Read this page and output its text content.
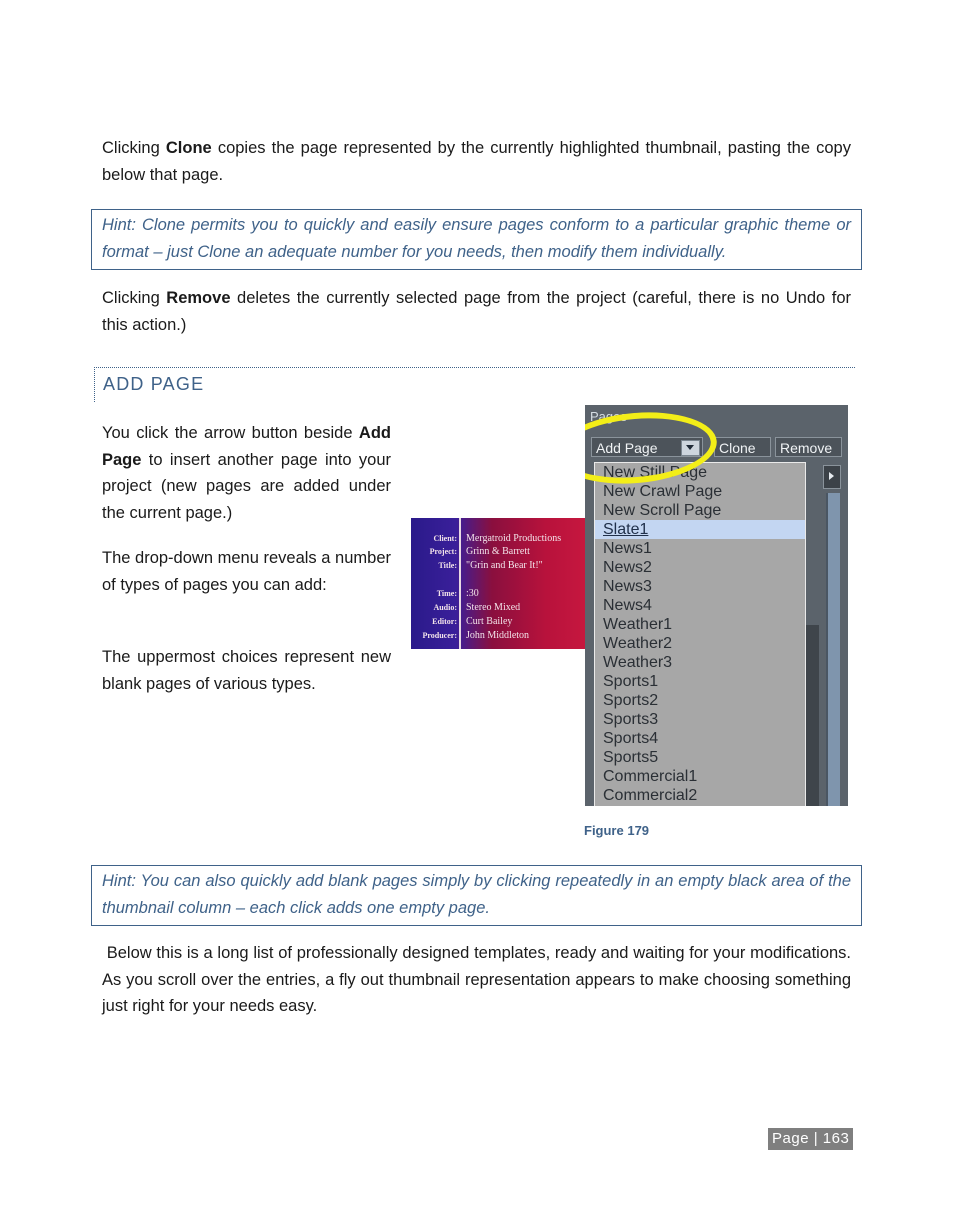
Clicking Clone copies the page represented by the currently highlighted thumbnail, pasting the copy below that page.

Hint: Clone permits you to quickly and easily ensure pages conform to a particular graphic theme or format – just Clone an adequate number for you needs, then modify them individually.

Clicking Remove deletes the currently selected page from the project (careful, there is no Undo for this action.)

ADD PAGE

You click the arrow button beside Add Page to insert another page into your project (new pages are added under the current page.)

The drop-down menu reveals a number of types of pages you can add:

The uppermost choices represent new blank pages of various types.

Client: Mergatroid Productions
Project: Grinn & Barrett
Title: "Grin and Bear It!"
Time: :30
Audio: Stereo Mixed
Editor: Curt Bailey
Producer: John Middleton
Pages
Add Page	Clone	Remove
New Still Page
New Crawl Page
New Scroll Page
Slate1
News1
News2
News3
News4
Weather1
Weather2
Weather3
Sports1
Sports2
Sports3
Sports4
Sports5
Commercial1
Commercial2
Figure 179
Hint: You can also quickly add blank pages simply by clicking repeatedly in an empty black area of the thumbnail column – each click adds one empty page.

Below this is a long list of professionally designed templates, ready and waiting for your modifications. As you scroll over the entries, a fly out thumbnail representation appears to make choosing something just right for your needs easy.

Page | 163
